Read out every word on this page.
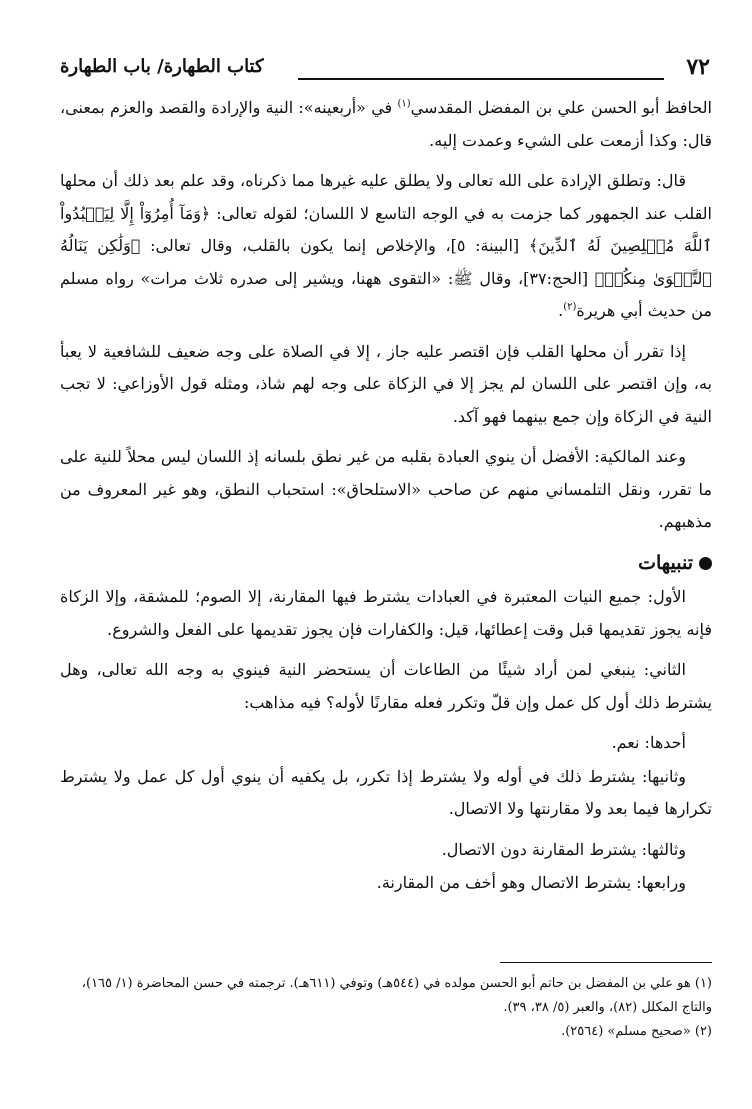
٧٢
كتاب الطهارة/ باب الطهارة

الحافظ أبو الحسن علي بن المفضل المقدسي$^{(١)}$ في «أربعينه»: النية والإرادة والقصد والعزم بمعنى، قال: وكذا أزمعت على الشيء وعمدت إليه.

قال: وتطلق الإرادة على الله تعالى ولا يطلق عليه غيرها مما ذكرناه، وقد علم بعد ذلك أن محلها القلب عند الجمهور كما جزمت به في الوجه التاسع لا اللسان؛ لقوله تعالى: ﴿وَمَآ أُمِرُوٓاْ إِلَّا لِيَعۡبُدُواْ ٱللَّهَ مُخۡلِصِينَ لَهُ ٱلدِّينَ﴾ [البينة: ٥]، والإخلاص إنما يكون بالقلب، وقال تعالى: ﴿وَلَٰكِن يَنَالُهُ ٱلتَّقۡوَىٰ مِنكُمۡ﴾ [الحج:٣٧]، وقال ﷺ: «التقوى ههنا، ويشير إلى صدره ثلاث مرات» رواه مسلم من حديث أبي هريرة$^{(٢)}$.

إذا تقرر أن محلها القلب فإن اقتصر عليه جاز ، إلا في الصلاة على وجه ضعيف للشافعية لا يعبأ به، وإن اقتصر على اللسان لم يجز إلا في الزكاة على وجه لهم شاذ، ومثله قول الأوزاعي: لا تجب النية في الزكاة وإن جمع بينهما فهو آكد.

وعند المالكية: الأفضل أن ينوي العبادة بقلبه من غير نطق بلسانه إذ اللسان ليس محلاً للنية على ما تقرر، ونقل التلمساني منهم عن صاحب «الاستلحاق»: استحباب النطق، وهو غير المعروف من مذهبهم.

تنبيهات

الأول: جميع النيات المعتبرة في العبادات يشترط فيها المقارنة، إلا الصوم؛ للمشقة، وإلا الزكاة فإنه يجوز تقديمها قبل وقت إعطائها، قيل: والكفارات فإن يجوز تقديمها على الفعل والشروع.

الثاني: ينبغي لمن أراد شيئًا من الطاعات أن يستحضر النية فينوي به وجه الله تعالى، وهل يشترط ذلك أول كل عمل وإن قلّ وتكرر فعله مقارنًا لأوله؟ فيه مذاهب:

أحدها: نعم.

وثانيها: يشترط ذلك في أوله ولا يشترط إذا تكرر، بل يكفيه أن ينوي أول كل عمل ولا يشترط تكرارها فيما بعد ولا مقارنتها ولا الاتصال.

وثالثها: يشترط المقارنة دون الاتصال.

ورابعها: يشترط الاتصال وهو أخف من المقارنة.

(١) هو علي بن المفضل بن حاتم أبو الحسن مولده في (٥٤٤هـ) وتوفي (٦١١هـ). ترجمته في حسن المحاضرة (١/ ١٦٥)، والتاج المكلل (٨٢)، والعبر (٥/ ٣٨، ٣٩).
(٢) «صحيح مسلم» (٢٥٦٤).
